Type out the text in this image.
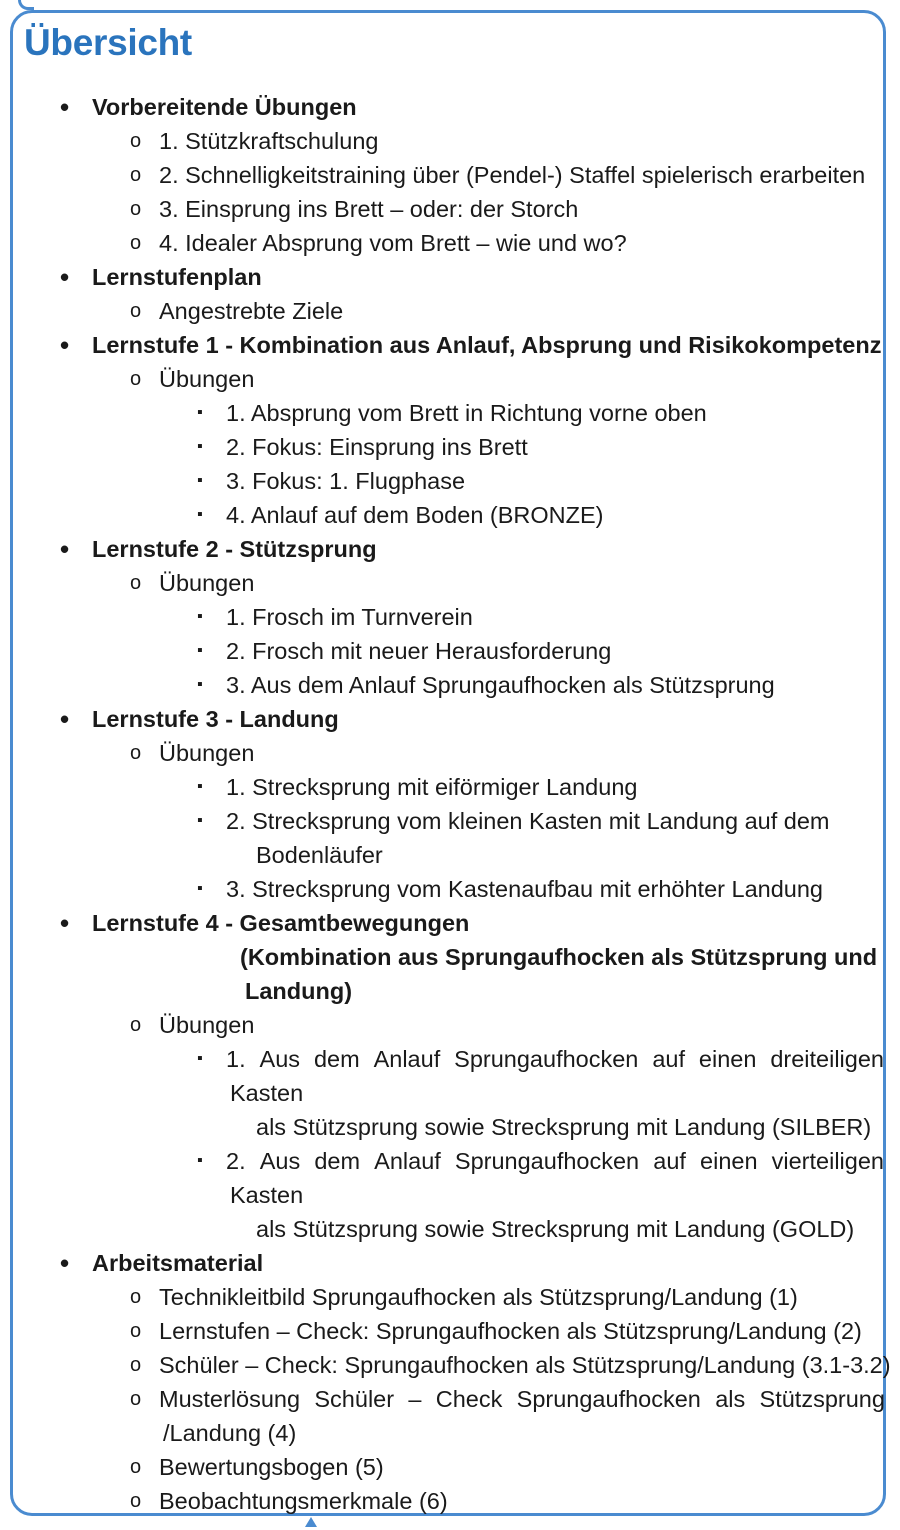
Übersicht
• Vorbereitende Übungen
o 1. Stützkraftschulung
o 2. Schnelligkeitstraining über (Pendel-) Staffel spielerisch erarbeiten
o 3. Einsprung ins Brett – oder: der Storch
o 4. Idealer Absprung vom Brett – wie und wo?
• Lernstufenplan
o Angestrebte Ziele
• Lernstufe 1 - Kombination aus Anlauf, Absprung und Risikokompetenz
o Übungen
▪ 1. Absprung vom Brett in Richtung vorne oben
▪ 2. Fokus: Einsprung ins Brett
▪ 3. Fokus: 1. Flugphase
▪ 4. Anlauf auf dem Boden (BRONZE)
• Lernstufe 2 - Stützsprung
o Übungen
▪ 1. Frosch im Turnverein
▪ 2. Frosch mit neuer Herausforderung
▪ 3. Aus dem Anlauf Sprungaufhocken als Stützsprung
• Lernstufe 3 - Landung
o Übungen
▪ 1. Strecksprung mit eiförmiger Landung
▪ 2. Strecksprung vom kleinen Kasten mit Landung auf dem
Bodenläufer
▪ 3. Strecksprung vom Kastenaufbau mit erhöhter Landung
• Lernstufe 4 - Gesamtbewegungen
(Kombination aus Sprungaufhocken als Stützsprung und
Landung)
o Übungen
▪ 1. Aus dem Anlauf Sprungaufhocken auf einen dreiteiligen
Kasten
als Stützsprung sowie Strecksprung mit Landung (SILBER)
▪ 2. Aus dem Anlauf Sprungaufhocken auf einen vierteiligen
Kasten
als Stützsprung sowie Strecksprung mit Landung (GOLD)
• Arbeitsmaterial
o Technikleitbild Sprungaufhocken als Stützsprung/Landung (1)
o Lernstufen – Check: Sprungaufhocken als Stützsprung/Landung (2)
o Schüler – Check: Sprungaufhocken als Stützsprung/Landung (3.1-3.2)
o Musterlösung Schüler – Check Sprungaufhocken als Stützsprung
/Landung (4)
o Bewertungsbogen (5)
o Beobachtungsmerkmale (6)
